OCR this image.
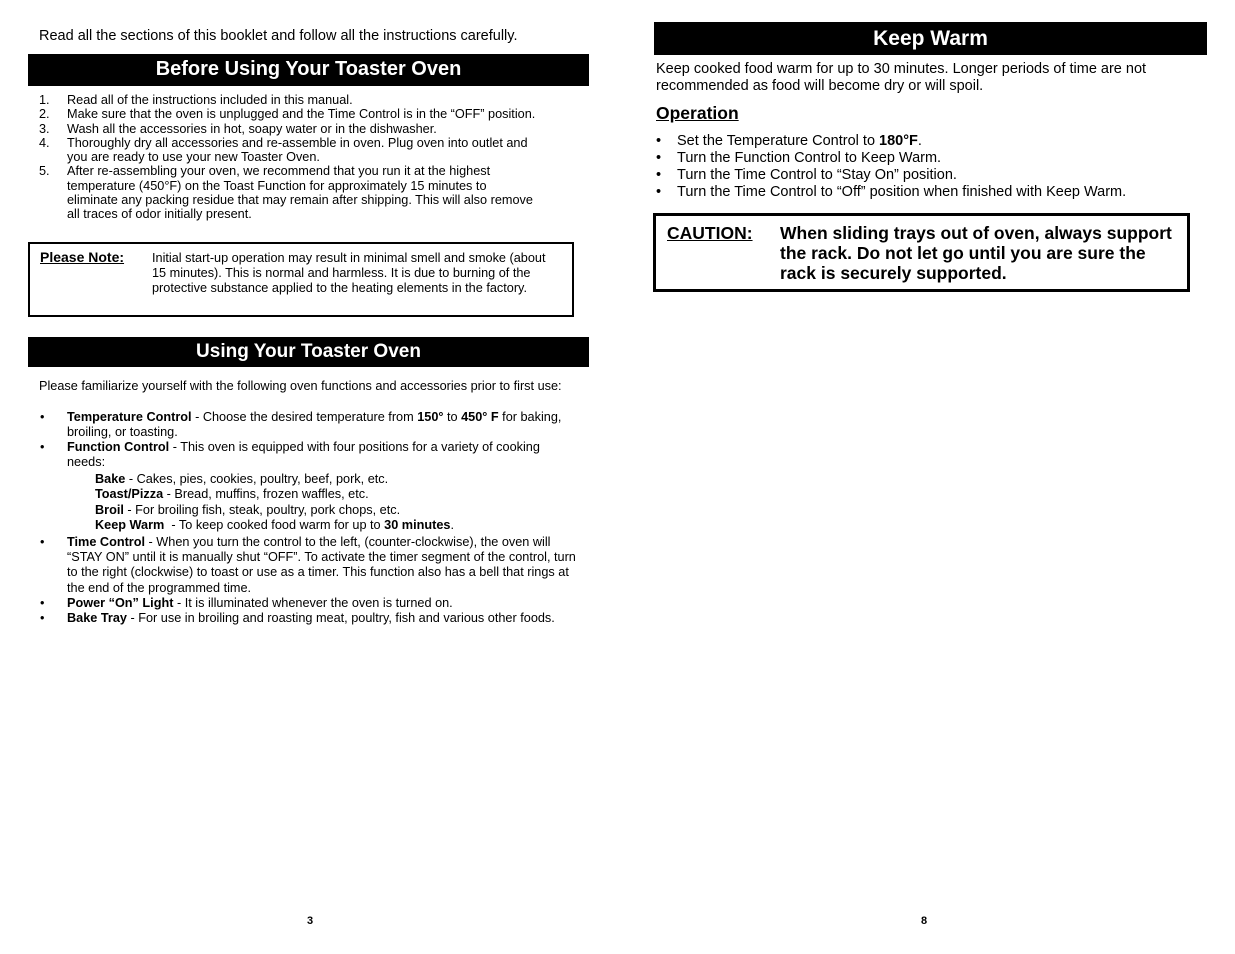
Read all the sections of this booklet and follow all the instructions carefully.
Before Using Your Toaster Oven
1. Read all of the instructions included in this manual.
2. Make sure that the oven is unplugged and the Time Control is in the “OFF” position.
3. Wash all the accessories in hot, soapy water or in the dishwasher.
4. Thoroughly dry all accessories and re-assemble in oven. Plug oven into outlet and you are ready to use your new Toaster Oven.
5. After re-assembling your oven, we recommend that you run it at the highest temperature (450°F) on the Toast Function for approximately 15 minutes to eliminate any packing residue that may remain after shipping. This will also remove all traces of odor initially present.
Please Note: Initial start-up operation may result in minimal smell and smoke (about 15 minutes). This is normal and harmless. It is due to burning of the protective substance applied to the heating elements in the factory.
Using Your Toaster Oven
Please familiarize yourself with the following oven functions and accessories prior to first use:
• Temperature Control - Choose the desired temperature from 150° to 450° F for baking, broiling, or toasting.
• Function Control - This oven is equipped with four positions for a variety of cooking needs:
Bake - Cakes, pies, cookies, poultry, beef, pork, etc.
Toast/Pizza - Bread, muffins, frozen waffles, etc.
Broil - For broiling fish, steak, poultry, pork chops, etc.
Keep Warm  - To keep cooked food warm for up to 30 minutes.
• Time Control - When you turn the control to the left, (counter-clockwise), the oven will “STAY ON” until it is manually shut “OFF”. To activate the timer segment of the control, turn to the right (clockwise) to toast or use as a timer. This function also has a bell that rings at the end of the programmed time.
• Power “On” Light - It is illuminated whenever the oven is turned on.
• Bake Tray - For use in broiling and roasting meat, poultry, fish and various other foods.
3
Keep Warm
Keep cooked food warm for up to 30 minutes. Longer periods of time are not recommended as food will become dry or will spoil.
Operation
• Set the Temperature Control to 180°F.
• Turn the Function Control to Keep Warm.
• Turn the Time Control to “Stay On” position.
• Turn the Time Control to “Off” position when finished with Keep Warm.
CAUTION: When sliding trays out of oven, always support the rack. Do not let go until you are sure the rack is securely supported.
8
